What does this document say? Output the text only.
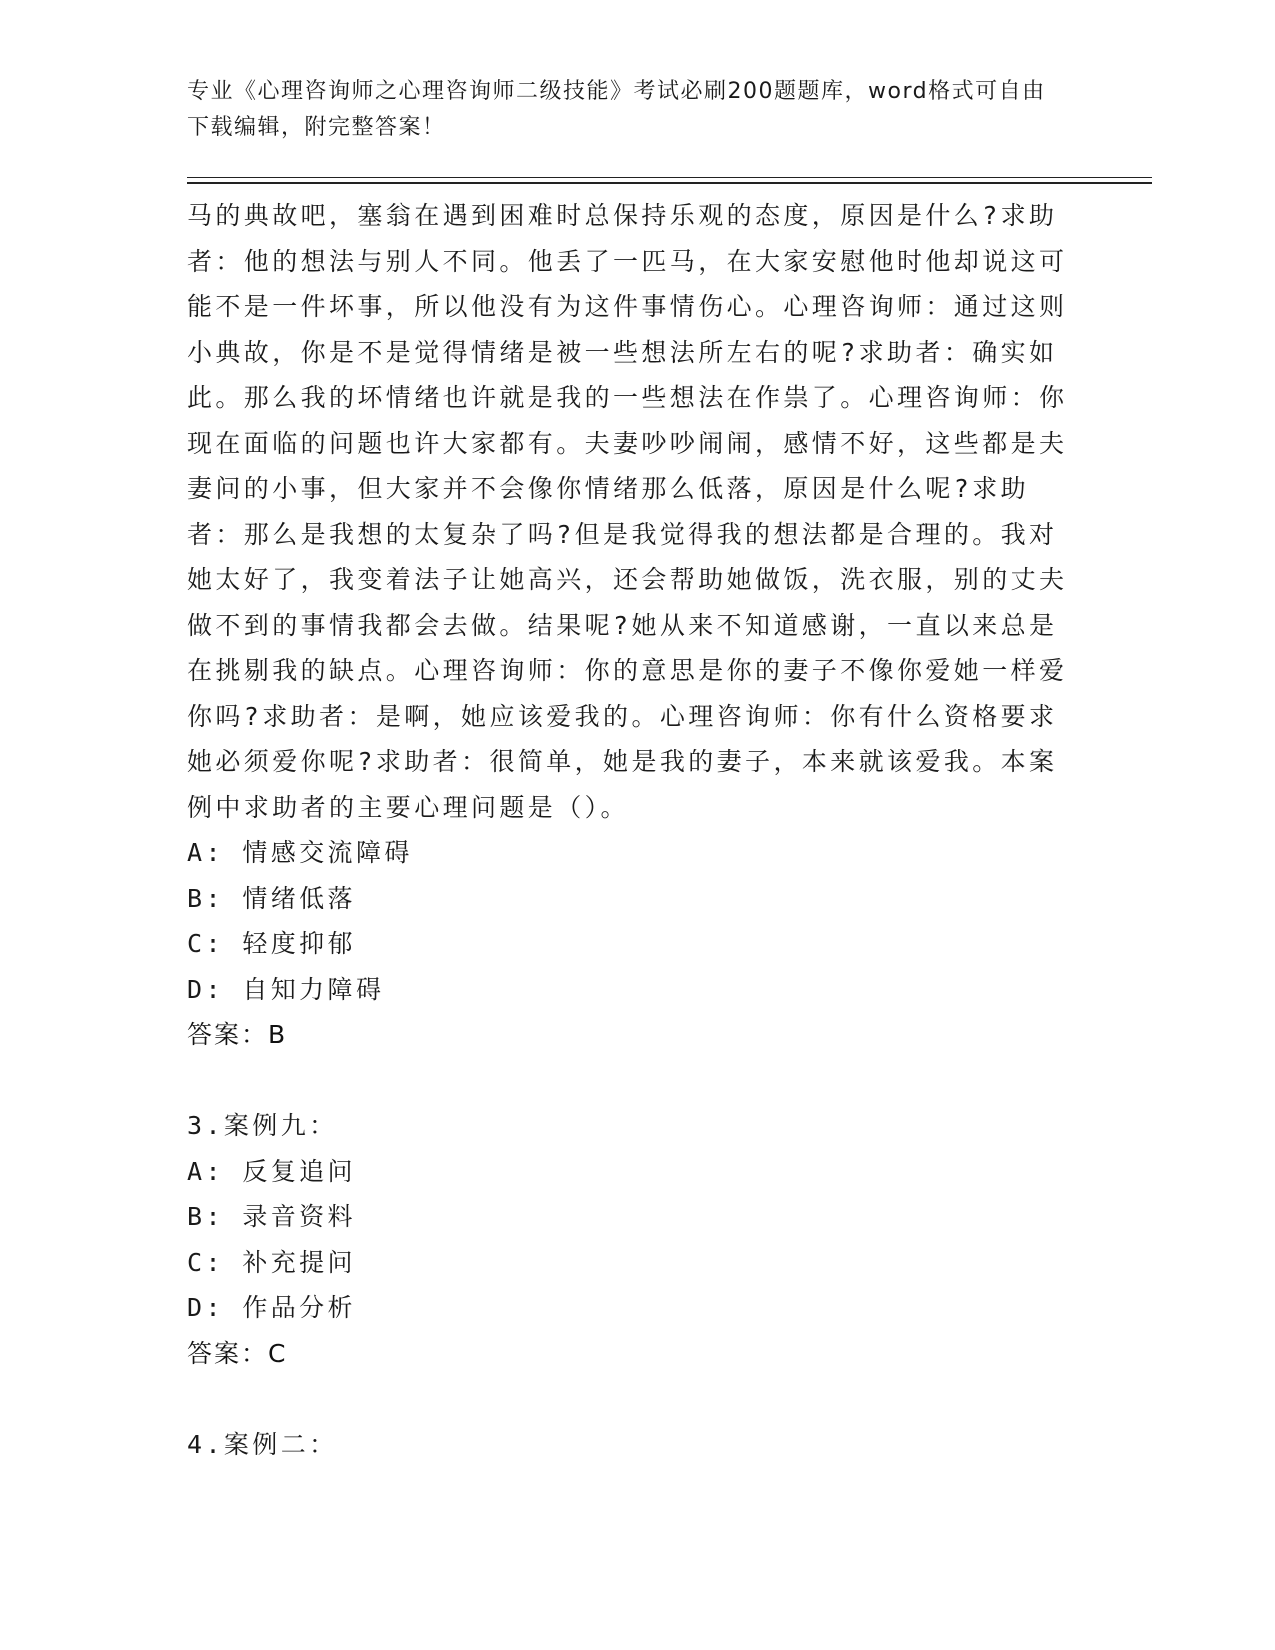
专业《心理咨询师之心理咨询师二级技能》考试必刷200题题库，word格式可自由下载编辑，附完整答案！

马的典故吧，塞翁在遇到困难时总保持乐观的态度，原因是什么?求助者：他的想法与别人不同。他丢了一匹马，在大家安慰他时他却说这可能不是一件坏事，所以他没有为这件事情伤心。心理咨询师：通过这则小典故，你是不是觉得情绪是被一些想法所左右的呢?求助者：确实如此。那么我的坏情绪也许就是我的一些想法在作祟了。心理咨询师：你现在面临的问题也许大家都有。夫妻吵吵闹闹，感情不好，这些都是夫妻问的小事，但大家并不会像你情绪那么低落，原因是什么呢?求助者：那么是我想的太复杂了吗?但是我觉得我的想法都是合理的。我对她太好了，我变着法子让她高兴，还会帮助她做饭，洗衣服，别的丈夫做不到的事情我都会去做。结果呢?她从来不知道感谢，一直以来总是在挑剔我的缺点。心理咨询师：你的意思是你的妻子不像你爱她一样爱你吗?求助者：是啊，她应该爱我的。心理咨询师：你有什么资格要求她必须爱你呢?求助者：很简单，她是我的妻子，本来就该爱我。本案例中求助者的主要心理问题是（）。

A: 情感交流障碍

B: 情绪低落

C: 轻度抑郁

D: 自知力障碍

答案：B

3.案例九：

A: 反复追问

B: 录音资料

C: 补充提问

D: 作品分析

答案：C

4.案例二：
